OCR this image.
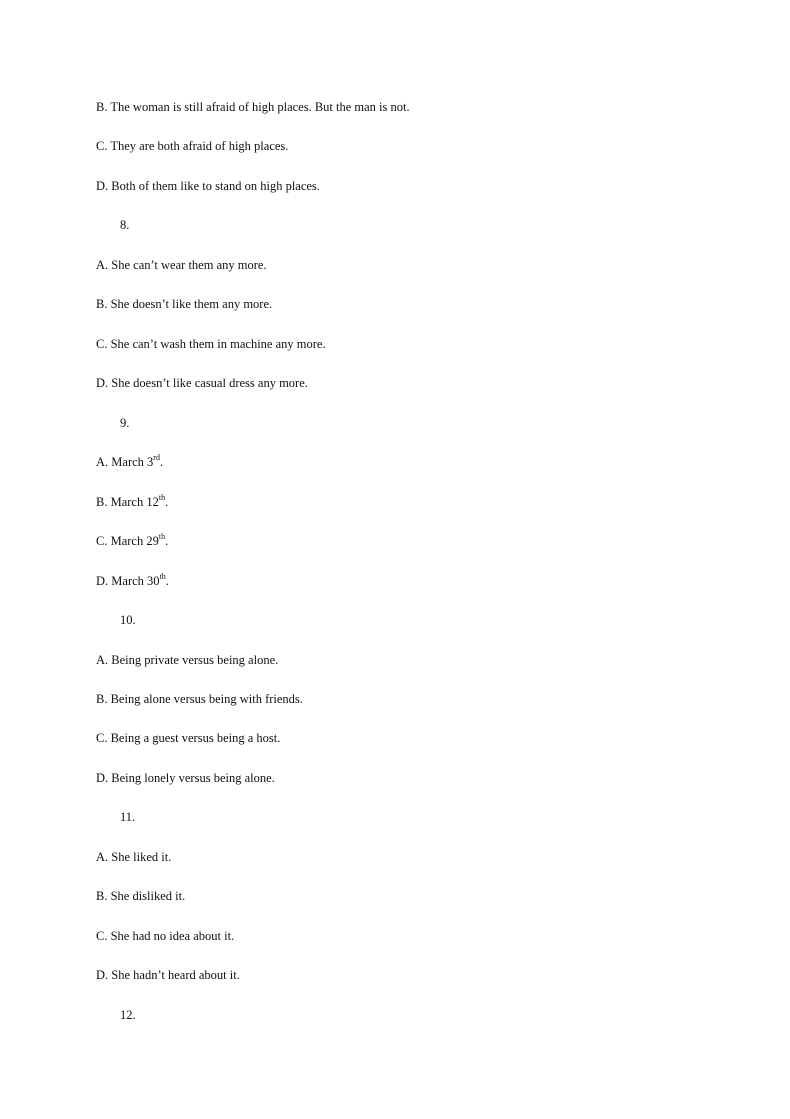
B. The woman is still afraid of high places. But the man is not.
C. They are both afraid of high places.
D. Both of them like to stand on high places.
8.
A. She can’t wear them any more.
B. She doesn’t like them any more.
C. She can’t wash them in machine any more.
D. She doesn’t like casual dress any more.
9.
A. March 3rd.
B. March 12th.
C. March 29th.
D. March 30th.
10.
A. Being private versus being alone.
B. Being alone versus being with friends.
C. Being a guest versus being a host.
D. Being lonely versus being alone.
11.
A. She liked it.
B. She disliked it.
C. She had no idea about it.
D. She hadn’t heard about it.
12.
